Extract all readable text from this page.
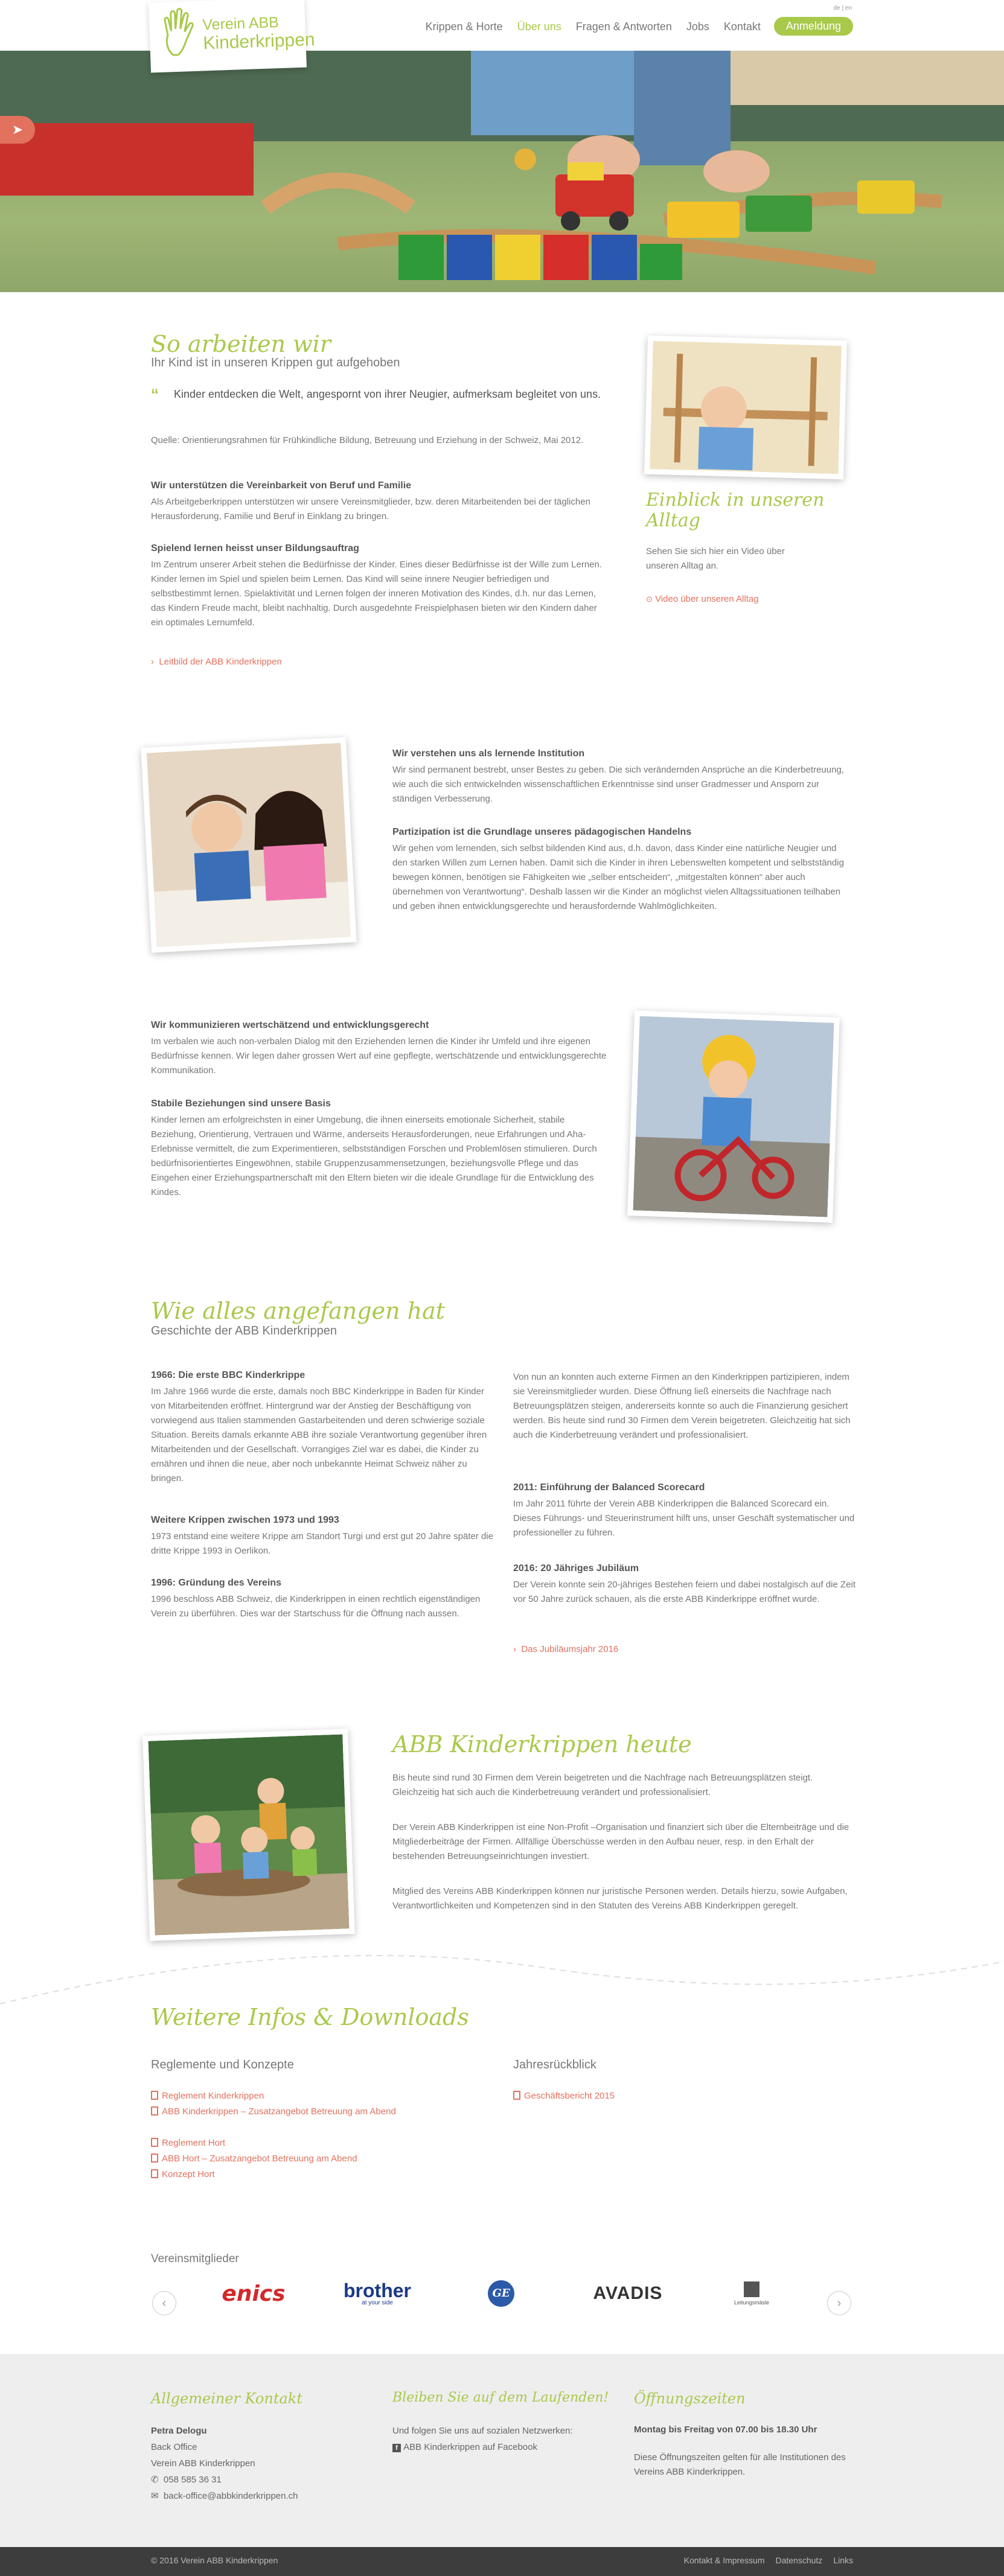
Verein ABB
Kinderkrippen
de | en
Krippen & Horte Über uns Fragen & Antworten Jobs Kontakt	Anmeldung
➤
So arbeiten wir
Ihr Kind ist in unseren Krippen gut aufgehoben
“ Kinder entdecken die Welt, angespornt von ihrer Neugier, aufmerksam begleitet von uns.
Quelle: Orientierungsrahmen für Frühkindliche Bildung, Betreuung und Erziehung in der Schweiz, Mai 2012.
Wir unterstützen die Vereinbarkeit von Beruf und Familie
Als Arbeitgeberkrippen unterstützen wir unsere Vereinsmitglieder, bzw. deren Mitarbeitenden bei der täglichen Herausforderung, Familie und Beruf in Einklang zu bringen.
Spielend lernen heisst unser Bildungsauftrag
Im Zentrum unserer Arbeit stehen die Bedürfnisse der Kinder. Eines dieser Bedürfnisse ist der Wille zum Lernen. Kinder lernen im Spiel und spielen beim Lernen. Das Kind will seine innere Neugier befriedigen und selbstbestimmt lernen. Spielaktivität und Lernen folgen der inneren Motivation des Kindes, d.h. nur das Lernen, das Kindern Freude macht, bleibt nachhaltig. Durch ausgedehnte Freispielphasen bieten wir den Kindern daher ein optimales Lernumfeld.
› Leitbild der ABB Kinderkrippen
Einblick in unseren
Alltag
Sehen Sie sich hier ein Video über unseren Alltag an.
⊙ Video über unseren Alltag
Wir verstehen uns als lernende Institution
Wir sind permanent bestrebt, unser Bestes zu geben. Die sich verändernden Ansprüche an die Kinderbetreuung, wie auch die sich entwickelnden wissenschaftlichen Erkenntnisse sind unser Gradmesser und Ansporn zur ständigen Verbesserung.
Partizipation ist die Grundlage unseres pädagogischen Handelns
Wir gehen vom lernenden, sich selbst bildenden Kind aus, d.h. davon, dass Kinder eine natürliche Neugier und den starken Willen zum Lernen haben. Damit sich die Kinder in ihren Lebenswelten kompetent und selbstständig bewegen können, benötigen sie Fähigkeiten wie „selber entscheiden“, „mitgestalten können“ aber auch übernehmen von Verantwortung“. Deshalb lassen wir die Kinder an möglichst vielen Alltagssituationen teilhaben und geben ihnen entwicklungsgerechte und herausfordernde Wahlmöglichkeiten.
Wir kommunizieren wertschätzend und entwicklungsgerecht
Im verbalen wie auch non-verbalen Dialog mit den Erziehenden lernen die Kinder ihr Umfeld und ihre eigenen Bedürfnisse kennen. Wir legen daher grossen Wert auf eine gepflegte, wertschätzende und entwicklungsgerechte Kommunikation.
Stabile Beziehungen sind unsere Basis
Kinder lernen am erfolgreichsten in einer Umgebung, die ihnen einerseits emotionale Sicherheit, stabile Beziehung, Orientierung, Vertrauen und Wärme, anderseits Herausforderungen, neue Erfahrungen und Aha-Erlebnisse vermittelt, die zum Experimentieren, selbstständigen Forschen und Problemlösen stimulieren. Durch bedürfnisorientiertes Eingewöhnen, stabile Gruppenzusammensetzungen, beziehungsvolle Pflege und das Eingehen einer Erziehungspartnerschaft mit den Eltern bieten wir die ideale Grundlage für die Entwicklung des Kindes.
Wie alles angefangen hat
Geschichte der ABB Kinderkrippen
1966: Die erste BBC Kinderkrippe
Im Jahre 1966 wurde die erste, damals noch BBC Kinderkrippe in Baden für Kinder von Mitarbeitenden eröffnet. Hintergrund war der Anstieg der Beschäftigung von vorwiegend aus Italien stammenden Gastarbeitenden und deren schwierige soziale Situation. Bereits damals erkannte ABB ihre soziale Verantwortung gegenüber ihren Mitarbeitenden und der Gesellschaft. Vorrangiges Ziel war es dabei, die Kinder zu ernähren und ihnen die neue, aber noch unbekannte Heimat Schweiz näher zu bringen.
Weitere Krippen zwischen 1973 und 1993
1973 entstand eine weitere Krippe am Standort Turgi und erst gut 20 Jahre später die dritte Krippe 1993 in Oerlikon.
1996: Gründung des Vereins
1996 beschloss ABB Schweiz, die Kinderkrippen in einen rechtlich eigenständigen Verein zu überführen. Dies war der Startschuss für die Öffnung nach aussen.
Von nun an konnten auch externe Firmen an den Kinderkrippen partizipieren, indem sie Vereinsmitglieder wurden. Diese Öffnung ließ einerseits die Nachfrage nach Betreuungsplätzen steigen, andererseits konnte so auch die Finanzierung gesichert werden. Bis heute sind rund 30 Firmen dem Verein beigetreten. Gleichzeitig hat sich auch die Kinderbetreuung verändert und professionalisiert.
2011: Einführung der Balanced Scorecard
Im Jahr 2011 führte der Verein ABB Kinderkrippen die Balanced Scorecard ein. Dieses Führungs- und Steuerinstrument hilft uns, unser Geschäft systematischer und professioneller zu führen.
2016: 20 Jähriges Jubiläum
Der Verein konnte sein 20-jähriges Bestehen feiern und dabei nostalgisch auf die Zeit vor 50 Jahre zurück schauen, als die erste ABB Kinderkrippe eröffnet wurde.
› Das Jubiläumsjahr 2016
ABB Kinderkrippen heute
Bis heute sind rund 30 Firmen dem Verein beigetreten und die Nachfrage nach Betreuungsplätzen steigt. Gleichzeitig hat sich auch die Kinderbetreuung verändert und professionalisiert.
Der Verein ABB Kinderkrippen ist eine Non-Profit –Organisation und finanziert sich über die Elternbeiträge und die Mitgliederbeiträge der Firmen. Allfällige Überschüsse werden in den Aufbau neuer, resp. in den Erhalt der bestehenden Betreuungseinrichtungen investiert.
Mitglied des Vereins ABB Kinderkrippen können nur juristische Personen werden. Details hierzu, sowie Aufgaben, Verantwortlichkeiten und Kompetenzen sind in den Statuten des Vereins ABB Kinderkrippen geregelt.
Weitere Infos & Downloads
Reglemente und Konzepte
Reglement Kinderkrippen
ABB Kinderkrippen – Zusatzangebot Betreuung am Abend
Reglement Hort
ABB Hort – Zusatzangebot Betreuung am Abend
Konzept Hort
Jahresrückblick
Geschäftsbericht 2015
Vereinsmitglieder
‹	›
enics	brother
at your side
GE	AVADIS	Leitungsmäsle
Allgemeiner Kontakt
Petra Delogu
Back Office
Verein ABB Kinderkrippen
✆ 058 585 36 31
✉ back-office@abbkinderkrippen.ch
Bleiben Sie auf dem Laufenden!
Und folgen Sie uns auf sozialen Netzwerken:
f ABB Kinderkrippen auf Facebook
Öffnungszeiten
Montag bis Freitag von 07.00 bis 18.30 Uhr
Diese Öffnungszeiten gelten für alle Institutionen des Vereins ABB Kinderkrippen.
© 2016 Verein ABB Kinderkrippen	Kontakt & Impressum Datenschutz Links
